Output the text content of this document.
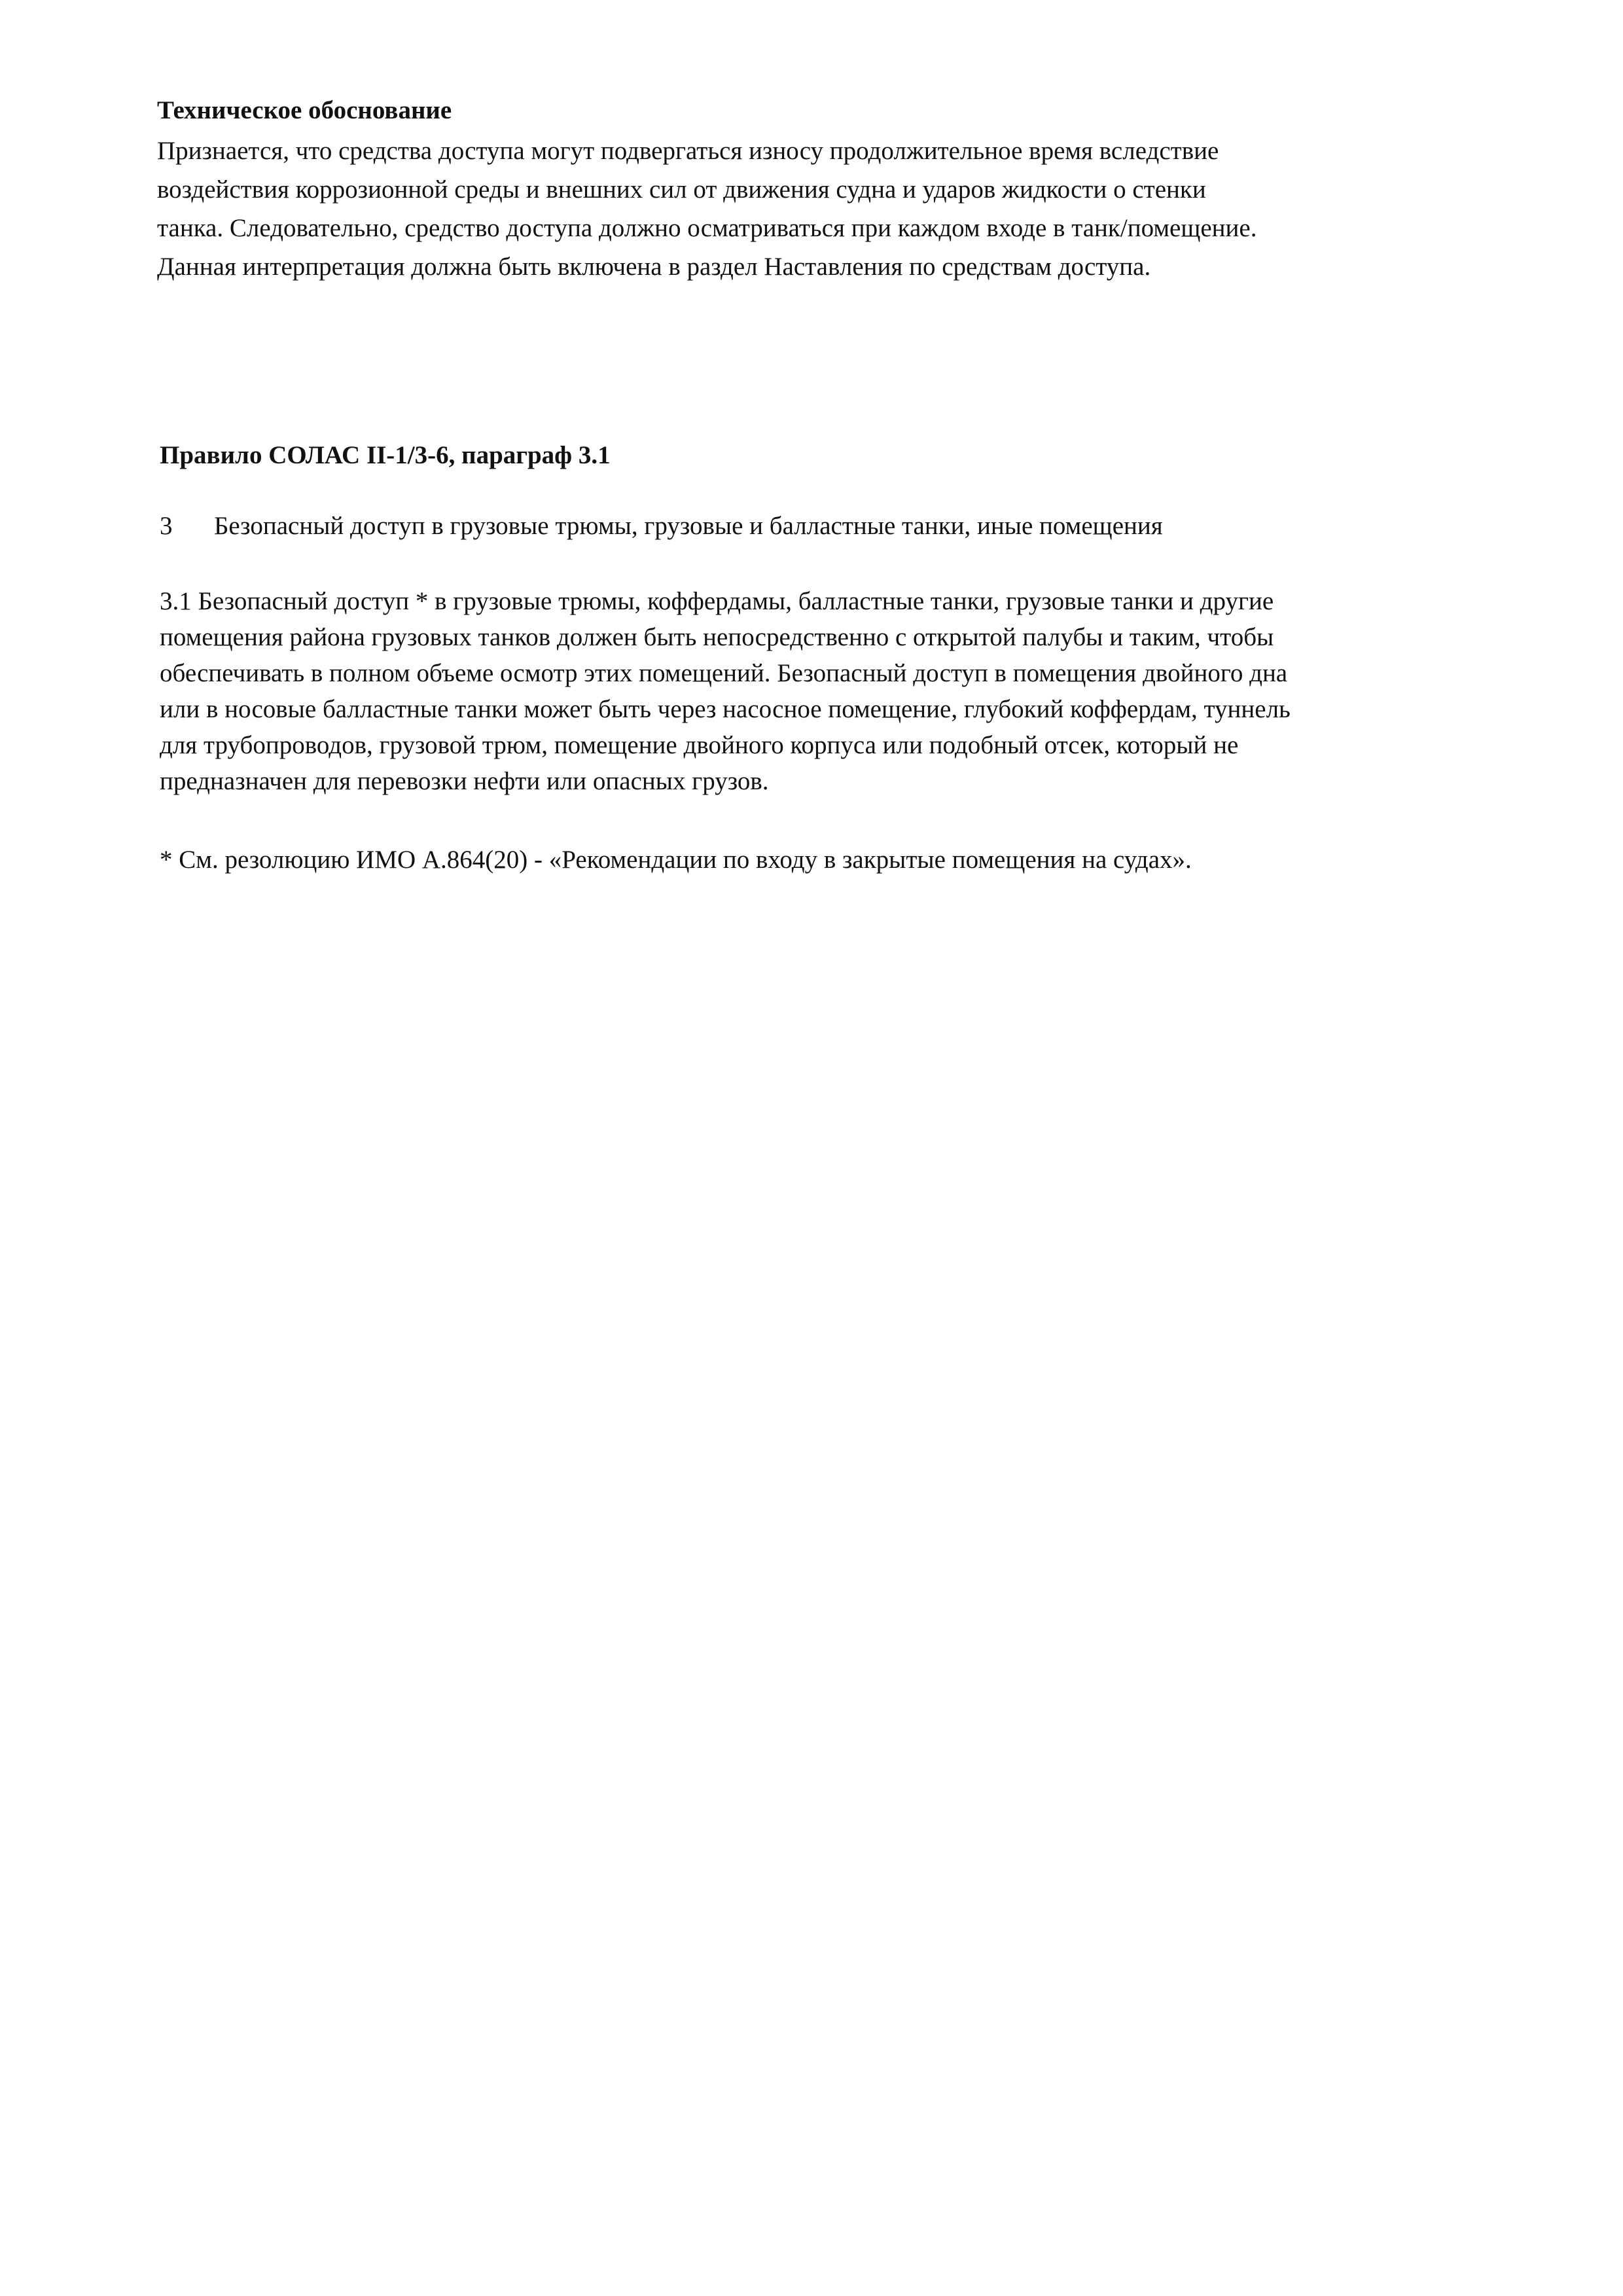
Техническое обоснование
Признается, что средства доступа могут подвергаться износу продолжительное время вследствие
воздействия коррозионной среды и внешних сил от движения судна и ударов жидкости о стенки
танка. Следовательно, средство доступа должно осматриваться при каждом входе в танк/помещение.
Данная интерпретация должна быть включена в раздел Наставления по средствам доступа.
Правило СОЛАС II-1/3-6, параграф 3.1
3 Безопасный доступ в грузовые трюмы, грузовые и балластные танки, иные помещения
3.1 Безопасный доступ * в грузовые трюмы, коффердамы, балластные танки, грузовые танки и другие
помещения района грузовых танков должен быть непосредственно с открытой палубы и таким, чтобы
обеспечивать в полном объеме осмотр этих помещений. Безопасный доступ в помещения двойного дна
или в носовые балластные танки может быть через насосное помещение, глубокий коффердам, туннель
для трубопроводов, грузовой трюм, помещение двойного корпуса или подобный отсек, который не
предназначен для перевозки нефти или опасных грузов.
* См. резолюцию ИМО A.864(20) - «Рекомендации по входу в закрытые помещения на судах».
